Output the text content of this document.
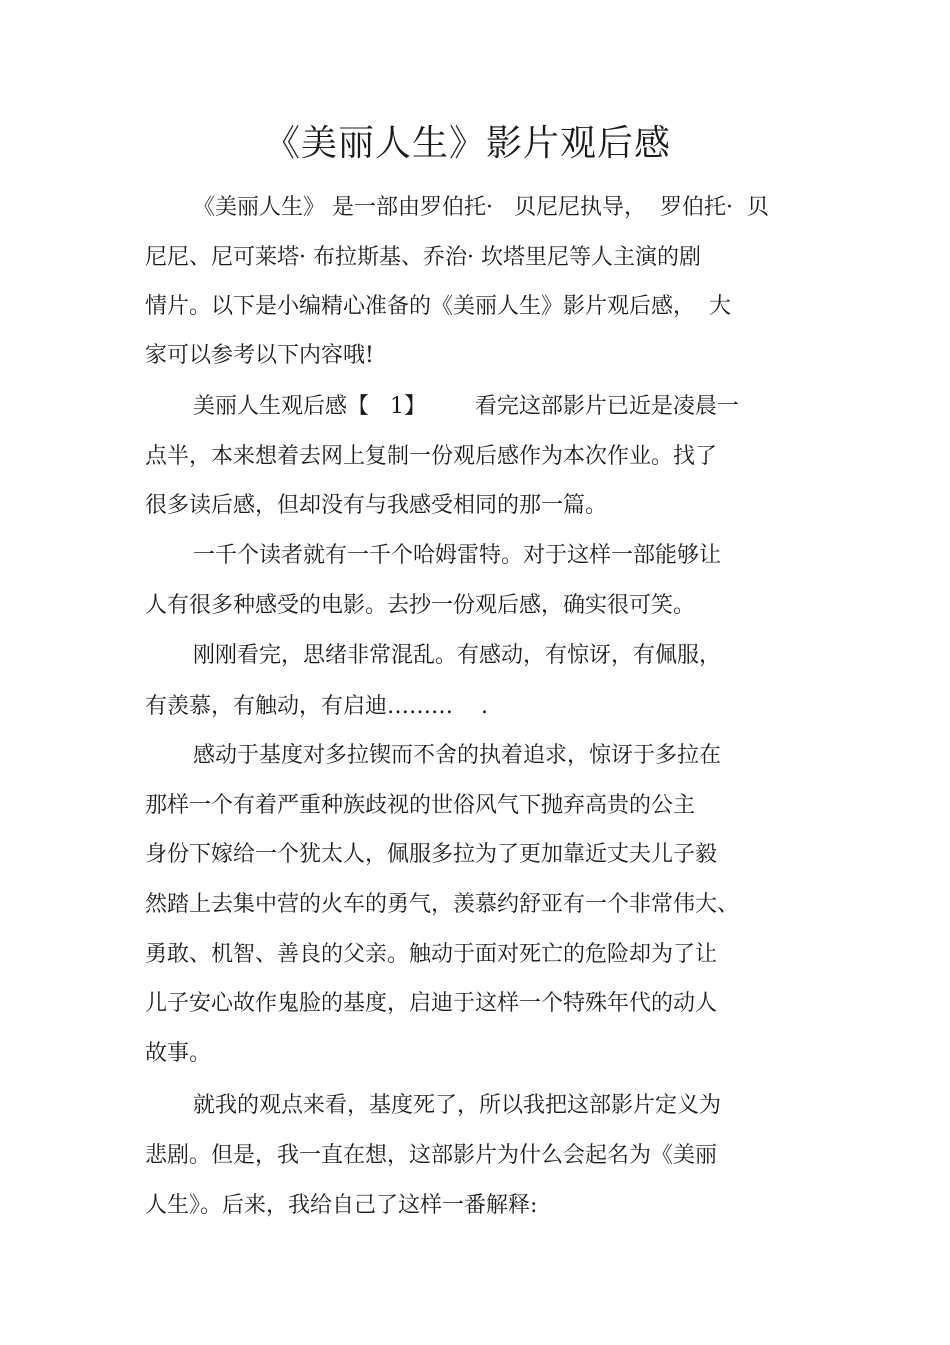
《美丽人生》影片观后感

《美丽人生》 是一部由罗伯托·   贝尼尼执导，  罗伯托·  贝

尼尼、尼可莱塔· 布拉斯基、乔治· 坎塔里尼等人主演的剧

情片。以下是小编精心准备的《美丽人生》影片观后感，  大

家可以参考以下内容哦!

美丽人生观后感【   1】       看完这部影片已近是凌晨一

点半，本来想着去网上复制一份观后感作为本次作业。找了

很多读后感，但却没有与我感受相同的那一篇。

一千个读者就有一千个哈姆雷特。对于这样一部能够让

人有很多种感受的电影。去抄一份观后感，确实很可笑。

刚刚看完，思绪非常混乱。有感动，有惊讶，有佩服，

有羡慕，有触动，有启迪………    .

感动于基度对多拉锲而不舍的执着追求，惊讶于多拉在

那样一个有着严重种族歧视的世俗风气下抛弃高贵的公主

身份下嫁给一个犹太人，佩服多拉为了更加靠近丈夫儿子毅

然踏上去集中营的火车的勇气，羡慕约舒亚有一个非常伟大、

勇敢、机智、善良的父亲。触动于面对死亡的危险却为了让

儿子安心故作鬼脸的基度，启迪于这样一个特殊年代的动人

故事。

就我的观点来看，基度死了，所以我把这部影片定义为

悲剧。但是，我一直在想，这部影片为什么会起名为《美丽

人生》。后来，我给自己了这样一番解释:
